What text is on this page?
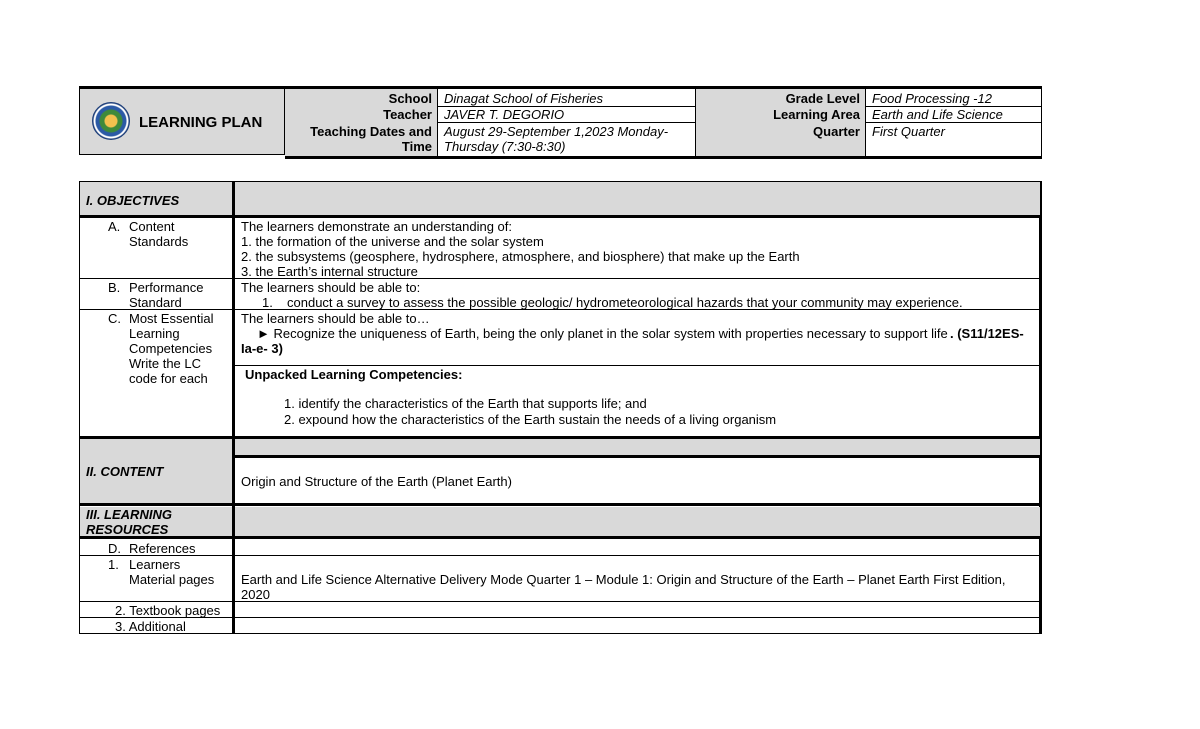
LEARNING PLAN
School Dinagat School of Fisheries
Teacher JAVER T. DEGORIO
Teaching Dates and
Time
August 29-September 1,2023 Monday-
Thursday (7:30-8:30)
Grade Level Food Processing -12
Learning Area Earth and Life Science
Quarter First Quarter
I. OBJECTIVES
A. Content
Standards
The learners demonstrate an understanding of:
1. the formation of the universe and the solar system
2. the subsystems (geosphere, hydrosphere, atmosphere, and biosphere) that make up the Earth
3. the Earth’s internal structure
B. Performance
Standard
The learners should be able to:
1. conduct a survey to assess the possible geologic/ hydrometeorological hazards that your community may experience.
C. Most Essential
Learning
Competencies
Write the LC
code for each
The learners should be able to…
► Recognize the uniqueness of Earth, being the only planet in the solar system with properties necessary to support life . (S11/12ES-
Ia-e- 3)
Unpacked Learning Competencies:
1. identify the characteristics of the Earth that supports life; and
2. expound how the characteristics of the Earth sustain the needs of a living organism
II. CONTENT
Origin and Structure of the Earth (Planet Earth)
III. LEARNING
RESOURCES
D. References
1. Learners
Material pages Earth and Life Science Alternative Delivery Mode Quarter 1 – Module 1: Origin and Structure of the Earth – Planet Earth First Edition,
2020
2. Textbook pages
3. Additional
